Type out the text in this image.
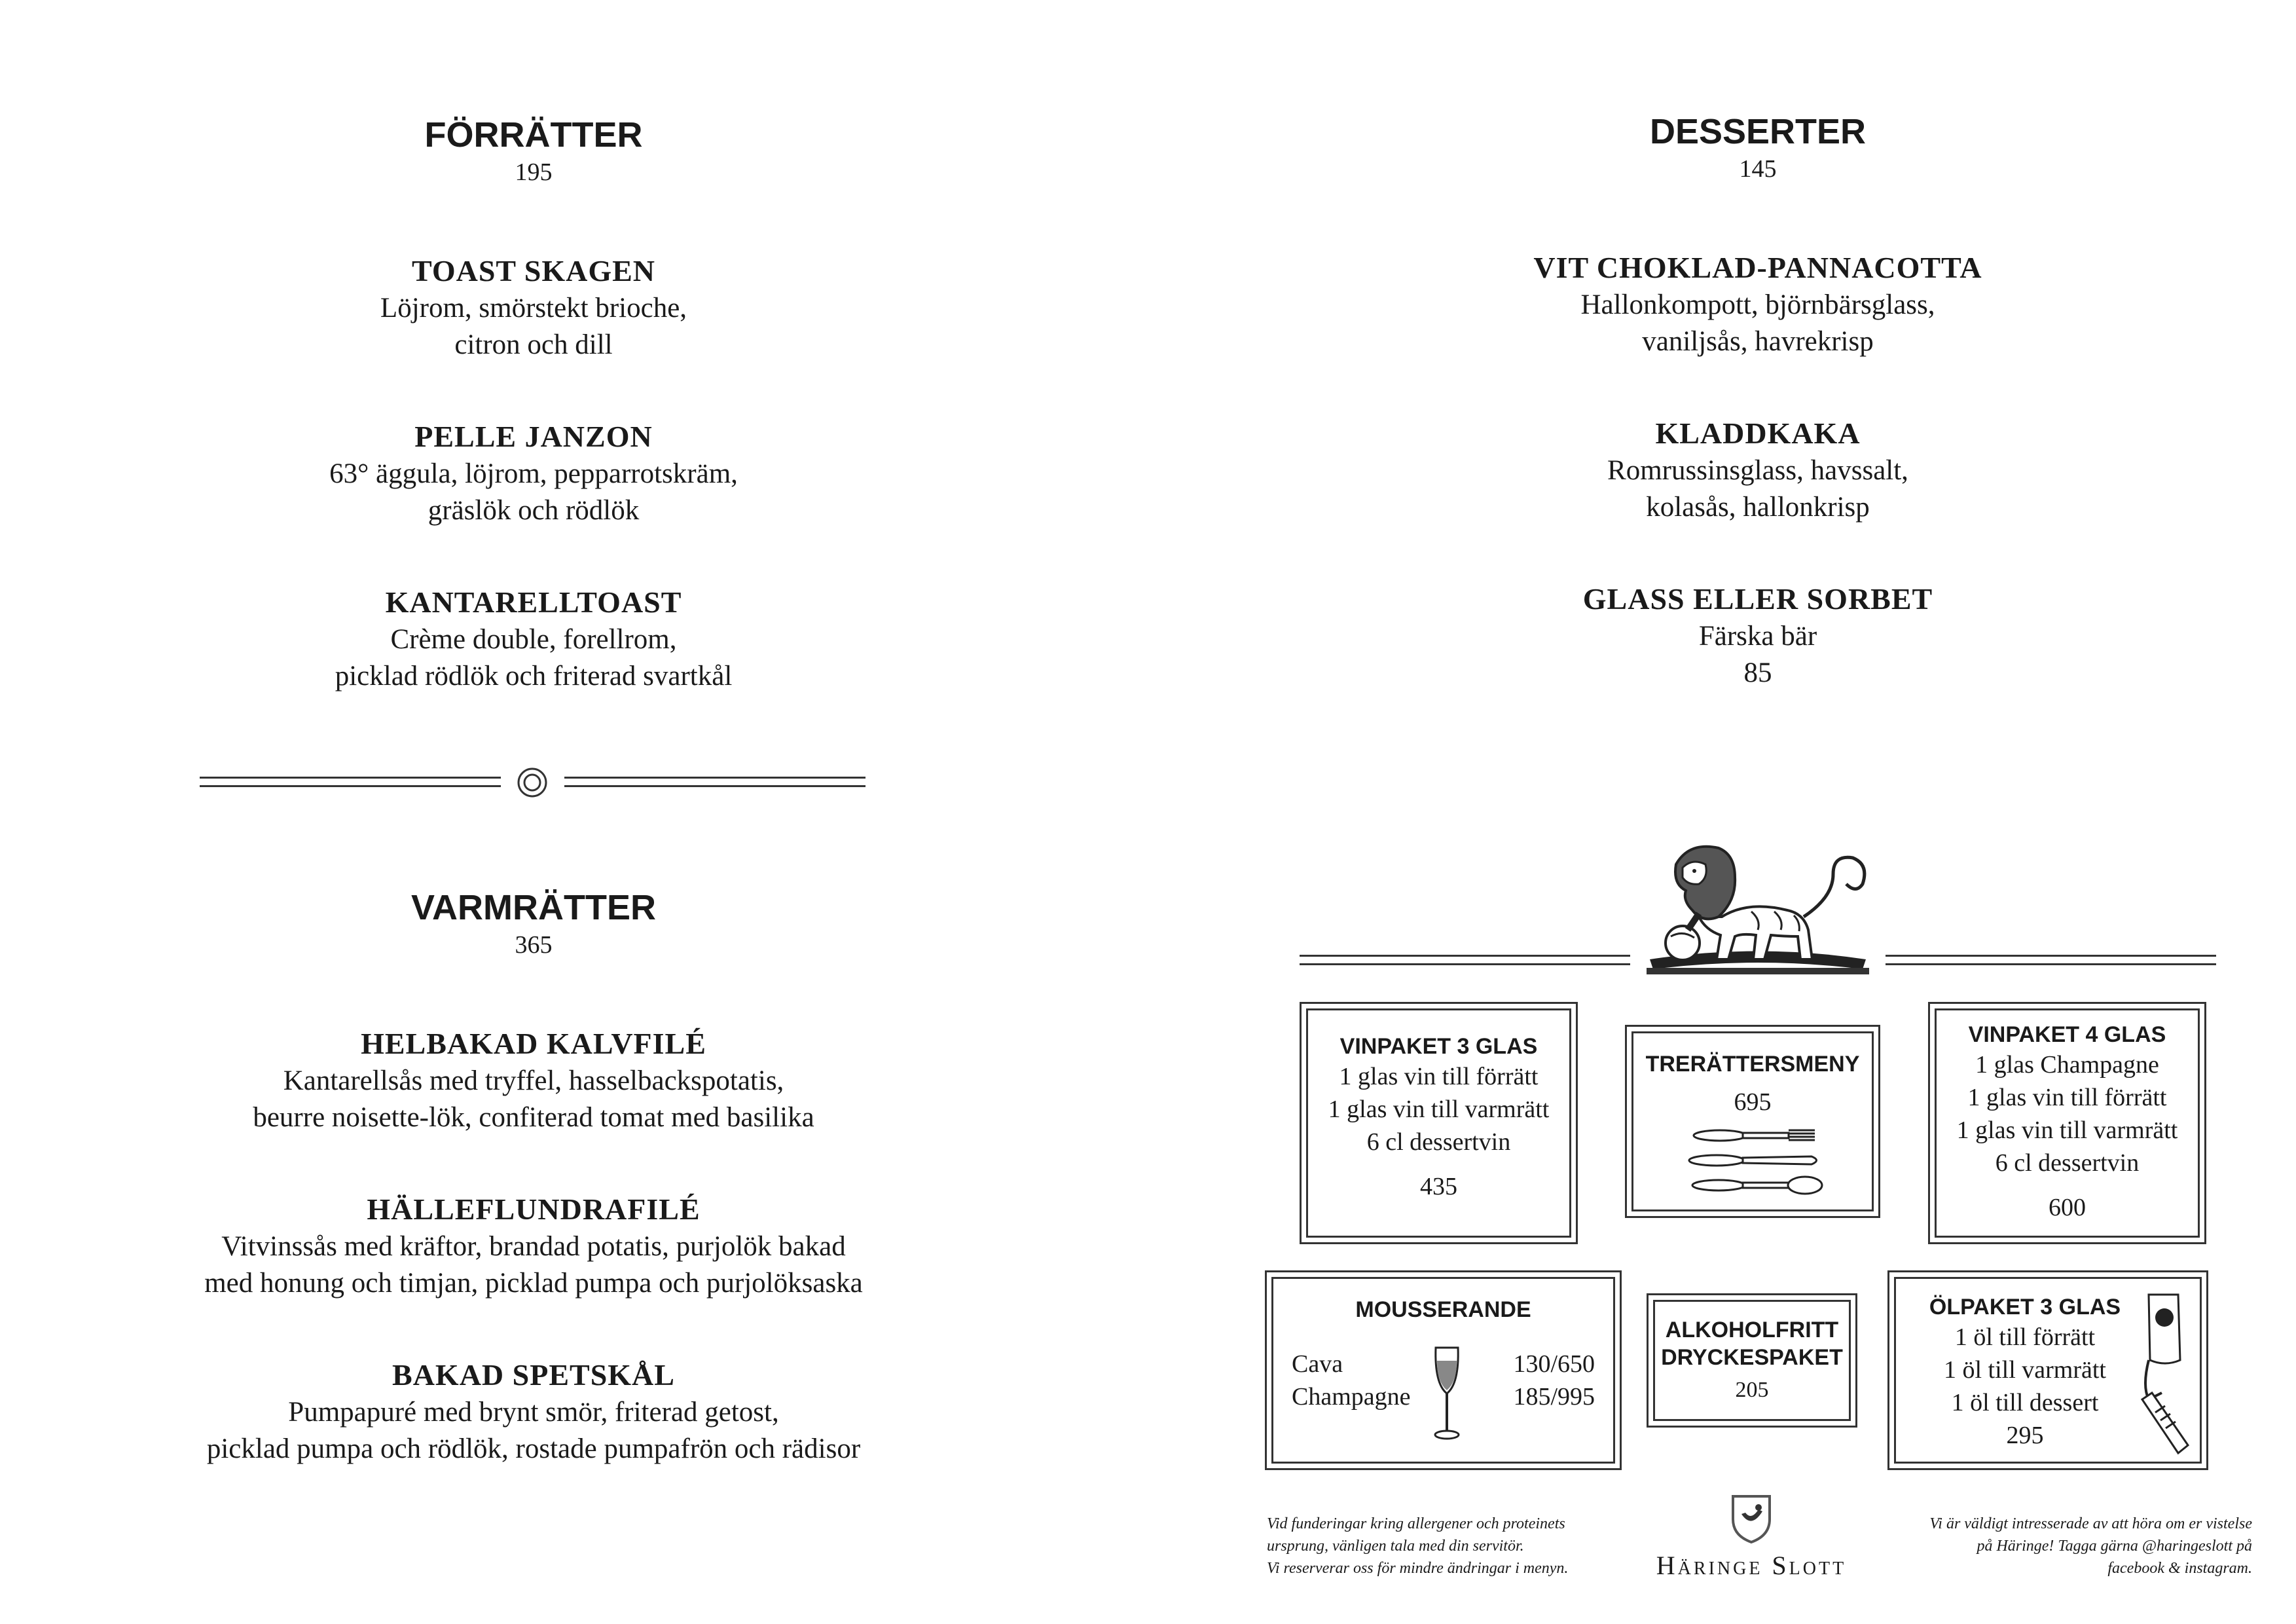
FÖRRÄTTER
195
TOAST SKAGEN
Löjrom, smörstekt brioche,
citron och dill
PELLE JANZON
63° äggula, löjrom, pepparrotskräm,
gräslök och rödlök
KANTARELLTOAST
Crème double, forellrom,
picklad rödlök och friterad svartkål
VARMRÄTTER
365
HELBAKAD KALVFILÉ
Kantarellsås med tryffel, hasselbackspotatis,
beurre noisette-lök, confiterad tomat med basilika
HÄLLEFLUNDRAFILÉ
Vitvinssås med kräftor, brandad potatis, purjolök bakad
med honung och timjan, picklad pumpa och purjolöksaska
BAKAD SPETSKÅL
Pumpapuré med brynt smör, friterad getost,
picklad pumpa och rödlök, rostade pumpafrön och rädisor
DESSERTER
145
VIT CHOKLAD-PANNACOTTA
Hallonkompott, björnbärsglass,
vaniljsås, havrekrisp
KLADDKAKA
Romrussinsglass, havssalt,
kolasås, hallonkrisp
GLASS ELLER SORBET
Färska bär
85
VINPAKET 3 GLAS
1 glas vin till förrätt
1 glas vin till varmrätt
6 cl dessertvin
435
TRERÄTTERSMENY
695
VINPAKET 4 GLAS
1 glas Champagne
1 glas vin till förrätt
1 glas vin till varmrätt
6 cl dessertvin
600
MOUSSERANDE
Cava	130/650
Champagne	185/995
ALKOHOLFRITT
DRYCKESPAKET
205
ÖLPAKET 3 GLAS
1 öl till förrätt
1 öl till varmrätt
1 öl till dessert
295
Vid funderingar kring allergener och proteinets
ursprung, vänligen tala med din servitör.
Vi reserverar oss för mindre ändringar i menyn.	Häringe Slott
Vi är väldigt intresserade av att höra om er vistelse
på Häringe! Tagga gärna @haringeslott på
facebook & instagram.
